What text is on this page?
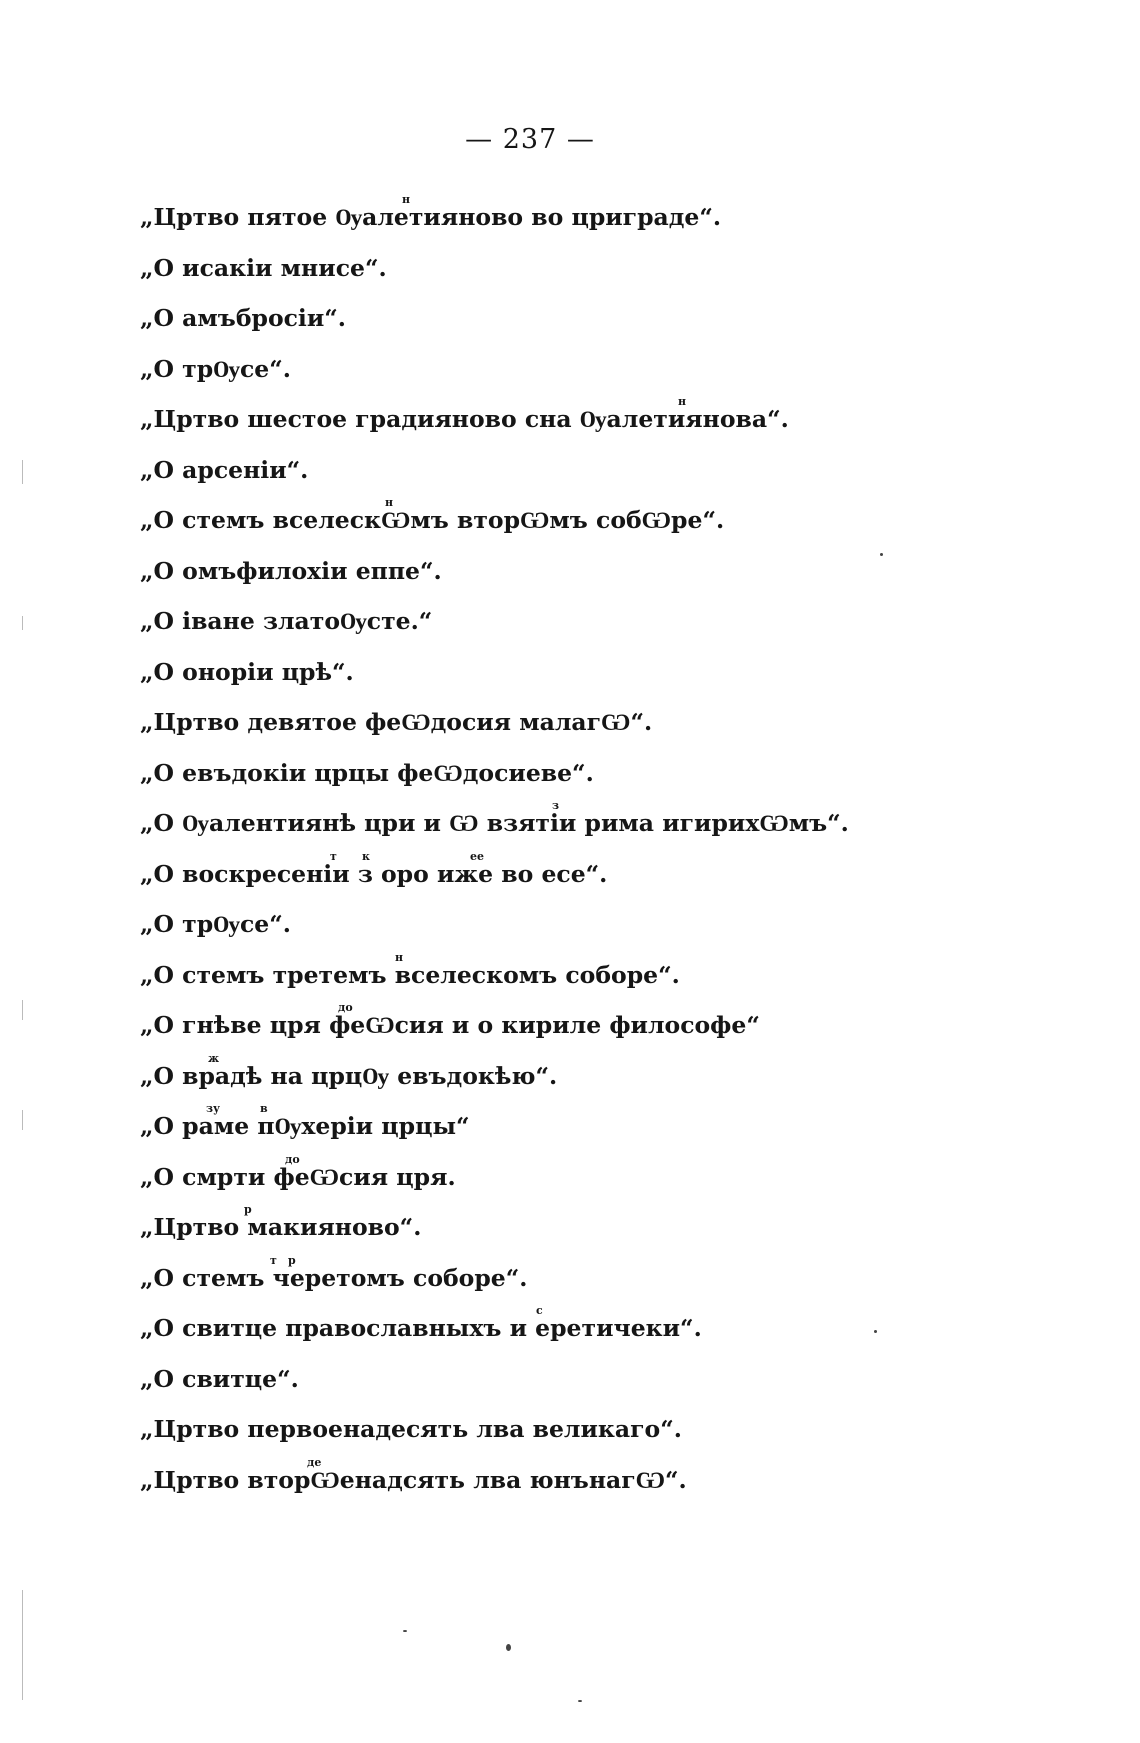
— 237 —
„Цртво пятое Ѹалетияново во цриграде“.
н
„О исакіи мнисе“.
„О амъбросіи“.
„О трѸсе“.
„Цртво шестое градияново сна Ѹалетиянова“.
н
„О арсеніи“.
„О стемъ вселескѠмъ вторѠмъ собѠре“.
н
„О омъфилохіи еппе“.
„О іване златоѸсте.“
„О оноріи црѣ“.
„Цртво девятое феѠдосия малагѠ“.
„О евъдокіи црцы феѠдосиеве“.
„О Ѹалентиянѣ цри и Ѡ взятіи рима игирихѠмъ“.
з
„О воскресеніи з оро иже во есе“.
т к	ее
„О трѸсе“.
„О стемъ третемъ вселескомъ соборе“.
н
„О гнѣве цря феѠсия и о кириле философе“
до
„О врадѣ на црцѸ евъдокѣю“.
ж
„О раме пѸхеріи црцы“
зу	в
„О смрти феѠсия цря.
до
„Цртво макияново“.
р
„О стемъ черетомъ соборе“.
т р
„О свитце православныхъ и еретичеки“.
с
„О свитце“.
„Цртво первоенадесять лва великаго“.
„Цртво вторѠенадсять лва юнънагѠ“.
де
